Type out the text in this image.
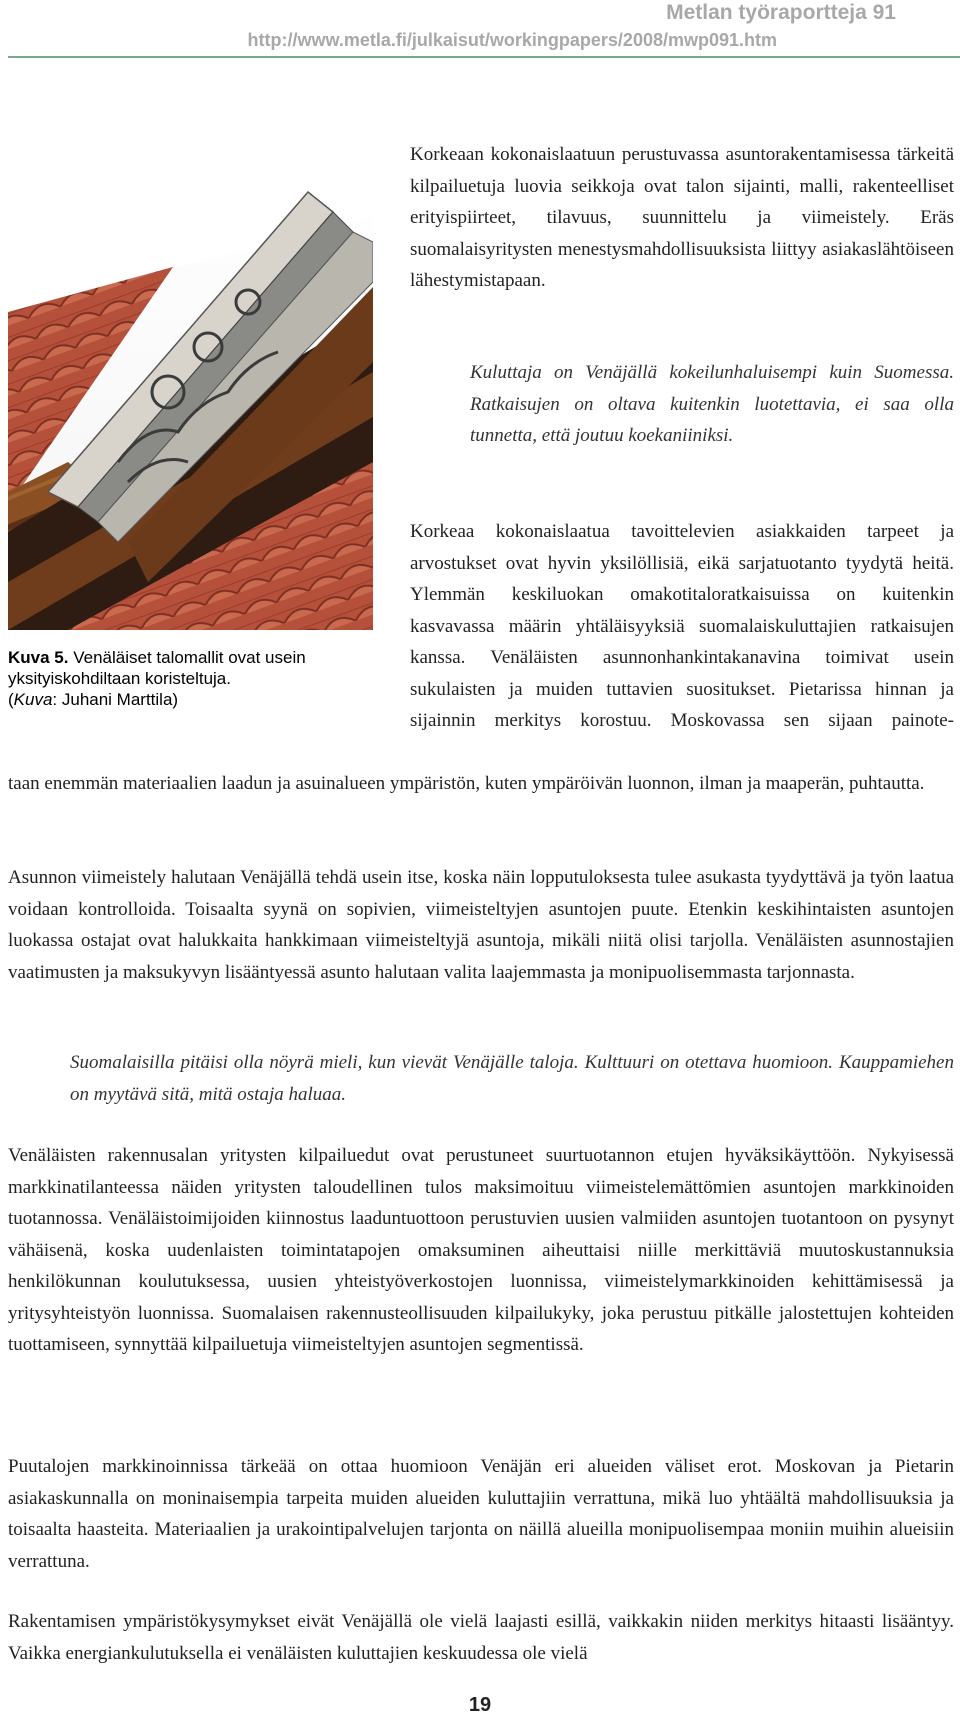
Metlan työraportteja 91
http://www.metla.fi/julkaisut/workingpapers/2008/mwp091.htm
Kuva 5. Venäläiset talomallit ovat usein yksityiskohdiltaan koristeltuja.
(Kuva: Juhani Marttila)

Korkeaan kokonaislaatuun perustuvassa asuntorakentamisessa tärkeitä kilpailuetuja luovia seikkoja ovat talon sijainti, malli, rakenteelliset erityispiirteet, tilavuus, suunnittelu ja viimeistely. Eräs suomalaisyritysten menestysmahdollisuuksista liittyy asiakaslähtöiseen lähestymistapaan.

Kuluttaja on Venäjällä kokeilunhaluisempi kuin Suomessa. Ratkaisujen on oltava kuitenkin luotettavia, ei saa olla tunnetta, että joutuu koekaniiniksi.

Korkeaa kokonaislaatua tavoittelevien asiakkaiden tarpeet ja arvostukset ovat hyvin yksilöllisiä, eikä sarjatuotanto tyydytä heitä. Ylemmän keskiluokan omakotitaloratkaisuissa on kuitenkin kasvavassa määrin yhtäläisyyksiä suomalaiskuluttajien ratkaisujen kanssa. Venäläisten asunnonhankintakanavina toimivat usein sukulaisten ja muiden tuttavien suositukset. Pietarissa hinnan ja sijainnin merkitys korostuu. Moskovassa sen sijaan painote-

taan enemmän materiaalien laadun ja asuinalueen ympäristön, kuten ympäröivän luonnon, ilman ja maaperän, puhtautta.

Asunnon viimeistely halutaan Venäjällä tehdä usein itse, koska näin lopputuloksesta tulee asukasta tyydyttävä ja työn laatua voidaan kontrolloida. Toisaalta syynä on sopivien, viimeisteltyjen asuntojen puute. Etenkin keskihintaisten asuntojen luokassa ostajat ovat halukkaita hankkimaan viimeisteltyjä asuntoja, mikäli niitä olisi tarjolla. Venäläisten asunnostajien vaatimusten ja maksukyvyn lisääntyessä asunto halutaan valita laajemmasta ja monipuolisemmasta tarjonnasta.

Suomalaisilla pitäisi olla nöyrä mieli, kun vievät Venäjälle taloja. Kulttuuri on otettava huomioon. Kauppamiehen on myytävä sitä, mitä ostaja haluaa.

Venäläisten rakennusalan yritysten kilpailuedut ovat perustuneet suurtuotannon etujen hyväksikäyttöön. Nykyisessä markkinatilanteessa näiden yritysten taloudellinen tulos maksimoituu viimeistelemättömien asuntojen markkinoiden tuotannossa. Venäläistoimijoiden kiinnostus laaduntuottoon perustuvien uusien valmiiden asuntojen tuotantoon on pysynyt vähäisenä, koska uudenlaisten toimintatapojen omaksuminen aiheuttaisi niille merkittäviä muutoskustannuksia henkilökunnan koulutuksessa, uusien yhteistyöverkostojen luonnissa, viimeistelymarkkinoiden kehittämisessä ja yritysyhteistyön luonnissa. Suomalaisen rakennusteollisuuden kilpailukyky, joka perustuu pitkälle jalostettujen kohteiden tuottamiseen, synnyttää kilpailuetuja viimeisteltyjen asuntojen segmentissä.

Puutalojen markkinoinnissa tärkeää on ottaa huomioon Venäjän eri alueiden väliset erot. Moskovan ja Pietarin asiakaskunnalla on moninaisempia tarpeita muiden alueiden kuluttajiin verrattuna, mikä luo yhtäältä mahdollisuuksia ja toisaalta haasteita. Materiaalien ja urakointipalvelujen tarjonta on näillä alueilla monipuolisempaa moniin muihin alueisiin verrattuna.

Rakentamisen ympäristökysymykset eivät Venäjällä ole vielä laajasti esillä, vaikkakin niiden merkitys hitaasti lisääntyy. Vaikka energiankulutuksella ei venäläisten kuluttajien keskuudessa ole vielä

19
